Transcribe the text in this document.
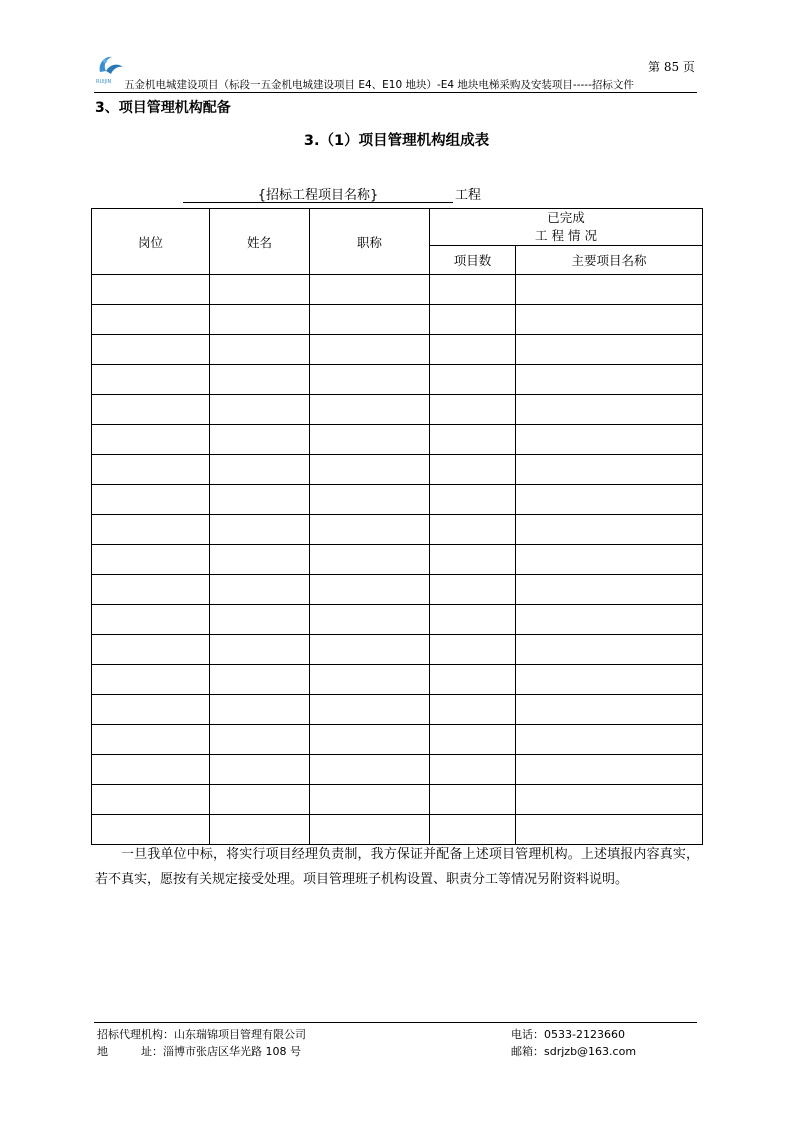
RUIJIN
第 85 页
五金机电城建设项目（标段一五金机电城建设项目 E4、E10 地块）-E4 地块电梯采购及安装项目-----招标文件
3、项目管理机构配备
3.（1）项目管理机构组成表
{招标工程项目名称}	工程
岗位	姓名	职称	已完成
工 程 情 况	

			项目数	主要项目名称

一旦我单位中标，将实行项目经理负责制，我方保证并配备上述项目管理机构。上述填报内容真实，若不真实，愿按有关规定接受处理。项目管理班子机构设置、职责分工等情况另附资料说明。
招标代理机构：山东瑞锦项目管理有限公司
地　　　址：淄博市张店区华光路 108 号
电话：0533-2123660
邮箱：sdrjzb@163.com
